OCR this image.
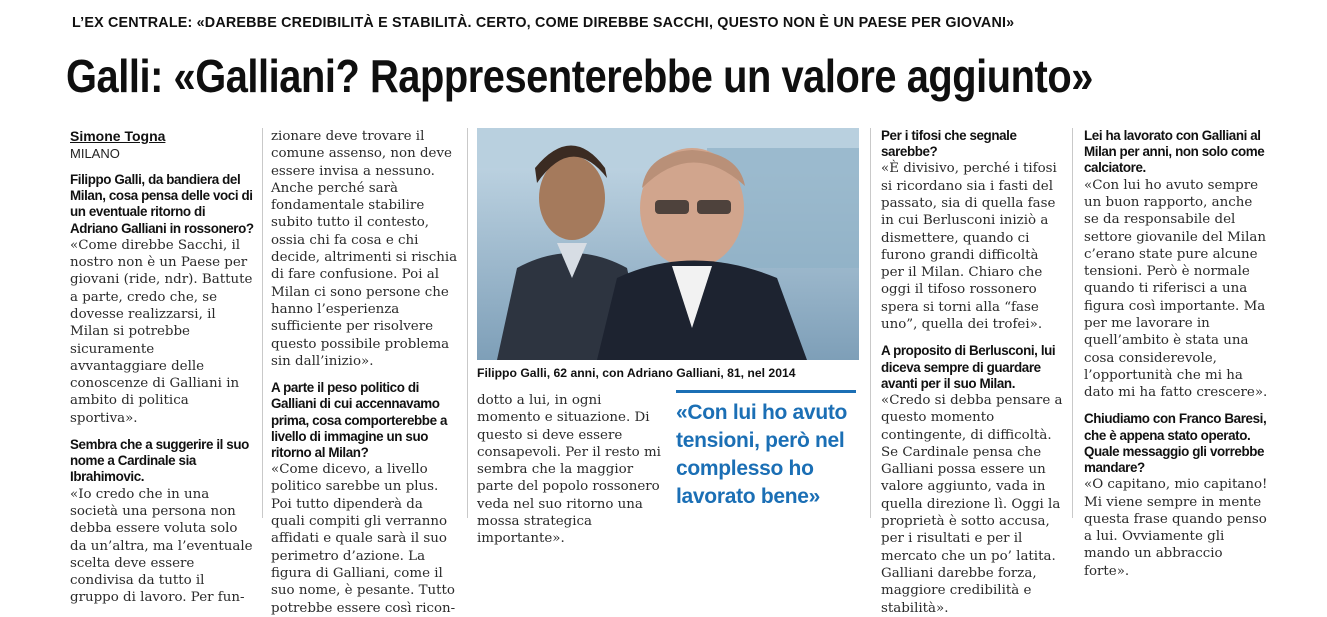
L’EX CENTRALE: «DAREBBE CREDIBILITÀ E STABILITÀ. CERTO, COME DIREBBE SACCHI, QUESTO NON È UN PAESE PER GIOVANI»
Galli: «Galliani? Rappresenterebbe un valore aggiunto»
Simone Togna
MILANO

Filippo Galli, da bandiera del Milan, cosa pensa delle voci di un eventuale ritorno di Adriano Galliani in rossonero?

«Come direbbe Sacchi, il nostro non è un Paese per giovani (ride, ndr). Battute a parte, credo che, se dovesse realizzarsi, il Milan si potrebbe sicuramente avvantaggiare delle conoscenze di Galliani in ambito di politica sportiva».

Sembra che a suggerire il suo nome a Cardinale sia Ibrahimovic.

«Io credo che in una società una persona non debba essere voluta solo da un’altra, ma l’eventuale scelta deve essere condivisa da tutto il gruppo di lavoro. Per fun-

zionare deve trovare il comune assenso, non deve essere invisa a nessuno. Anche perché sarà fondamentale stabilire subito tutto il contesto, ossia chi fa cosa e chi decide, altrimenti si rischia di fare confusione. Poi al Milan ci sono persone che hanno l’esperienza sufficiente per risolvere questo possibile problema sin dall’inizio».

A parte il peso politico di Galliani di cui accennavamo prima, cosa comporterebbe a livello di immagine un suo ritorno al Milan?

«Come dicevo, a livello politico sarebbe un plus. Poi tutto dipenderà da quali compiti gli verranno affidati e quale sarà il suo perimetro d’azione. La figura di Galliani, come il suo nome, è pesante. Tutto potrebbe essere così ricon-

Filippo Galli, 62 anni, con Adriano Galliani, 81, nel 2014

dotto a lui, in ogni momento e situazione. Di questo si deve essere consapevoli. Per il resto mi sembra che la maggior parte del popolo rossonero veda nel suo ritorno una mossa strategica importante».

«Con lui ho avuto tensioni, però nel complesso ho lavorato bene»

Per i tifosi che segnale sarebbe?

«È divisivo, perché i tifosi si ricordano sia i fasti del passato, sia di quella fase in cui Berlusconi iniziò a dismettere, quando ci furono grandi difficoltà per il Milan. Chiaro che oggi il tifoso rossonero spera si torni alla “fase uno”, quella dei trofei».

A proposito di Berlusconi, lui diceva sempre di guardare avanti per il suo Milan.

«Credo si debba pensare a questo momento contingente, di difficoltà. Se Cardinale pensa che Galliani possa essere un valore aggiunto, vada in quella direzione lì. Oggi la proprietà è sotto accusa, per i risultati e per il mercato che un po’ latita. Galliani darebbe forza, maggiore credibilità e stabilità».

Lei ha lavorato con Galliani al Milan per anni, non solo come calciatore.

«Con lui ho avuto sempre un buon rapporto, anche se da responsabile del settore giovanile del Milan c’erano state pure alcune tensioni. Però è normale quando ti riferisci a una figura così importante. Ma per me lavorare in quell’ambito è stata una cosa considerevole, l’opportunità che mi ha dato mi ha fatto crescere».

Chiudiamo con Franco Baresi, che è appena stato operato. Quale messaggio gli vorrebbe mandare?

«O capitano, mio capitano! Mi viene sempre in mente questa frase quando penso a lui. Ovviamente gli mando un abbraccio forte».
